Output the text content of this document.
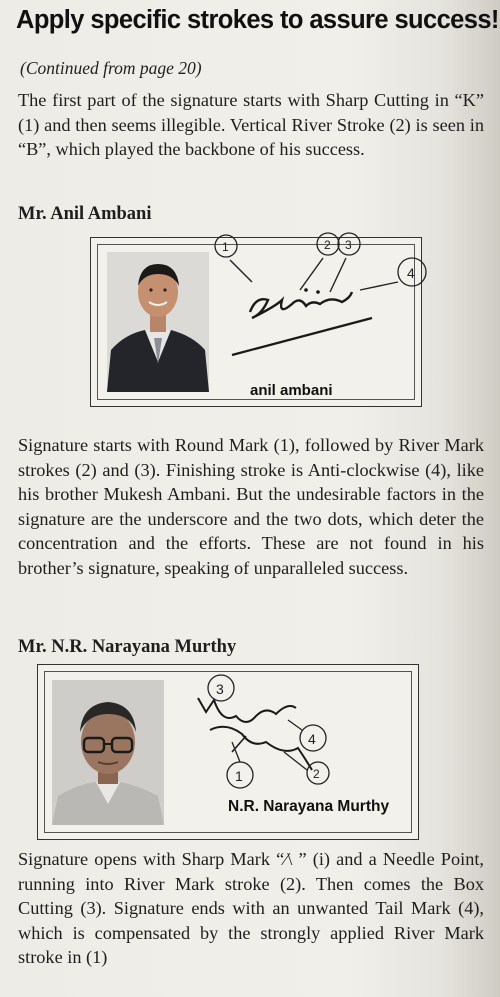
Apply specific strokes to assure success!
(Continued from page 20)
The first part of the signature starts with Sharp Cutting in “K” (1) and then seems illegible. Vertical River Stroke (2) is seen in “B”, which played the backbone of his success.
Mr. Anil Ambani
anil ambani
1	2 3
4
Signature starts with Round Mark (1), followed by River Mark strokes (2) and (3). Finishing stroke is Anti-clockwise (4), like his brother Mukesh Ambani. But the undesirable factors in the signature are the underscore and the two dots, which deter the concentration and the efforts. These are not found in his brother’s signature, speaking of unparalleled success.
Mr. N.R. Narayana Murthy
N.R. Narayana Murthy
3
4
1	2
Signature opens with Sharp Mark “⁄\ ” (i) and a Needle Point, running into River Mark stroke (2). Then comes the Box Cutting (3). Signature ends with an unwanted Tail Mark (4), which is compensated by the strongly applied River Mark stroke in (1)
